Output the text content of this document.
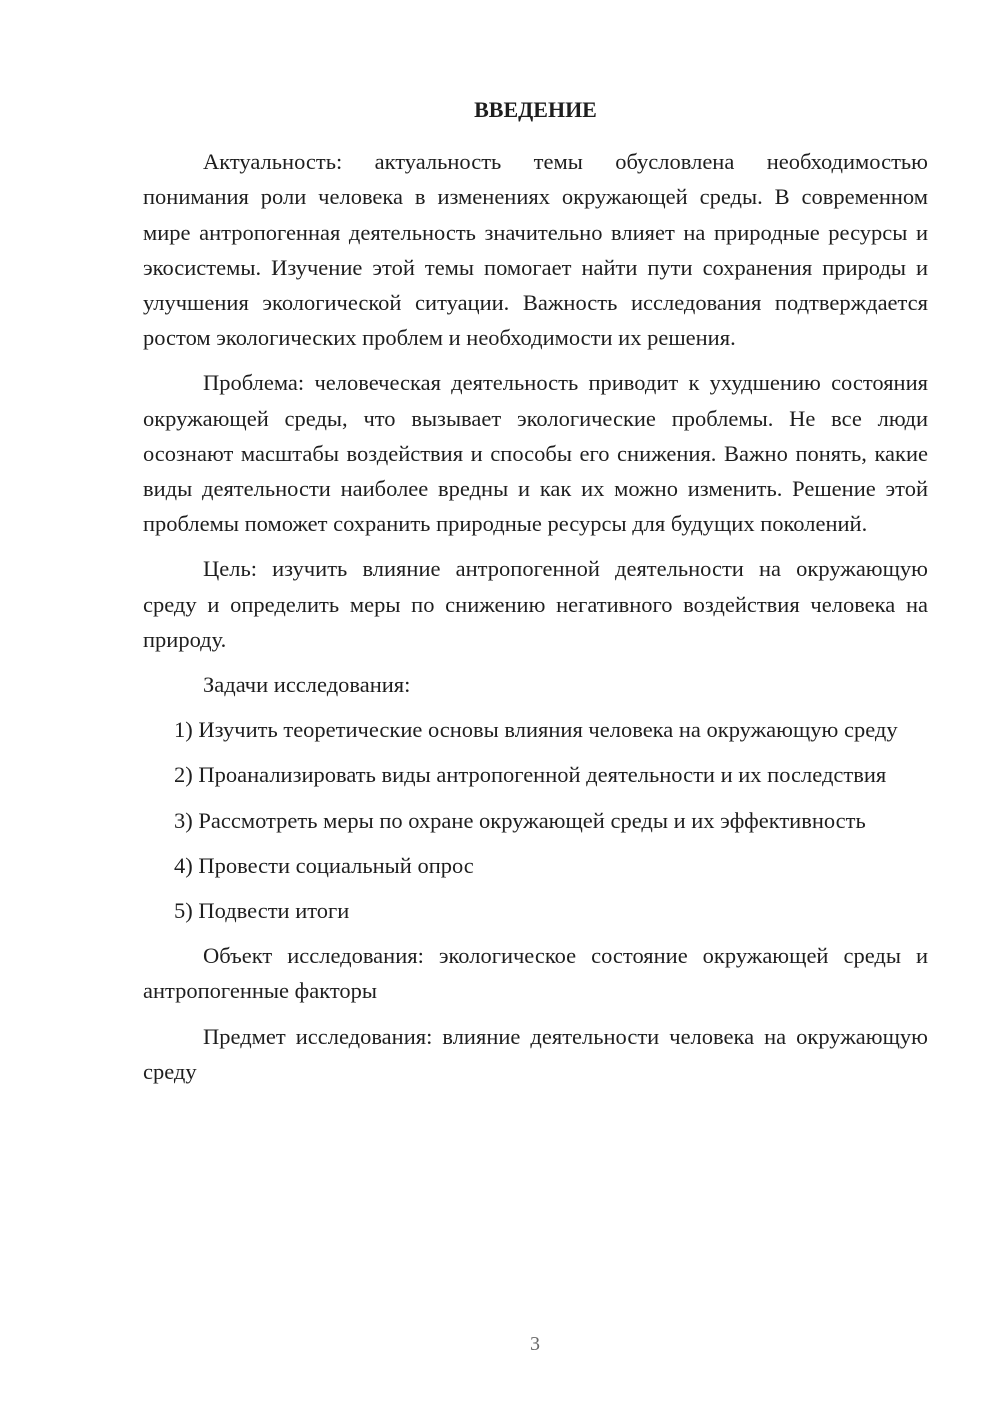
ВВЕДЕНИЕ

Актуальность: актуальность темы обусловлена необходимостью понимания роли человека в изменениях окружающей среды. В современном мире антропогенная деятельность значительно влияет на природные ресурсы и экосистемы. Изучение этой темы помогает найти пути сохранения природы и улучшения экологической ситуации. Важность исследования подтверждается ростом экологических проблем и необходимости их решения.

Проблема: человеческая деятельность приводит к ухудшению состояния окружающей среды, что вызывает экологические проблемы. Не все люди осознают масштабы воздействия и способы его снижения. Важно понять, какие виды деятельности наиболее вредны и как их можно изменить. Решение этой проблемы поможет сохранить природные ресурсы для будущих поколений.

Цель: изучить влияние антропогенной деятельности на окружающую среду и определить меры по снижению негативного воздействия человека на природу.

Задачи исследования:

1) Изучить теоретические основы влияния человека на окружающую среду

2) Проанализировать виды антропогенной деятельности и их последствия

3) Рассмотреть меры по охране окружающей среды и их эффективность

4) Провести социальный опрос

5) Подвести итоги

Объект исследования: экологическое состояние окружающей среды и антропогенные факторы

Предмет исследования: влияние деятельности человека на окружающую среду

3
